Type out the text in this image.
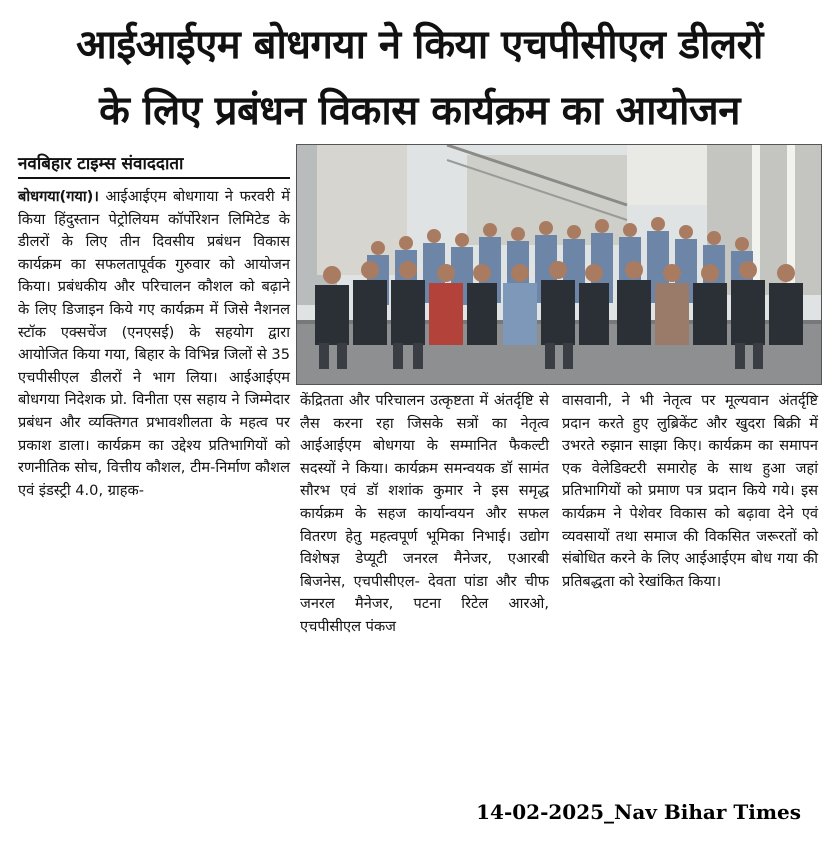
आईआईएम बोधगया ने किया एचपीसीएल डीलरों
के लिए प्रबंधन विकास कार्यक्रम का आयोजन
नवबिहार टाइम्स संवाददाता

बोधगया(गया)। आईआईएम बोधगाया ने फरवरी में किया हिंदुस्तान पेट्रोलियम कॉर्पोरेशन लिमिटेड के डीलरों के लिए तीन दिवसीय प्रबंधन विकास कार्यक्रम का सफलतापूर्वक गुरुवार को आयोजन किया। प्रबंधकीय और परिचालन कौशल को बढ़ाने के लिए डिजाइन किये गए कार्यक्रम में जिसे नैशनल स्टॉक एक्सचेंज (एनएसई) के सहयोग द्वारा आयोजित किया गया, बिहार के विभिन्न जिलों से 35 एचपीसीएल डीलरों ने भाग लिया। आईआईएम बोधगया निदेशक प्रो. विनीता एस सहाय ने जिम्मेदार प्रबंधन और व्यक्तिगत प्रभावशीलता के महत्व पर प्रकाश डाला। कार्यक्रम का उद्देश्य प्रतिभागियों को रणनीतिक सोच, वित्तीय कौशल, टीम-निर्माण कौशल एवं इंडस्ट्री 4.0, ग्राहक-

केंद्रितता और परिचालन उत्कृष्टता में अंतर्दृष्टि से लैस करना रहा जिसके सत्रों का नेतृत्व आईआईएम बोधगया के सम्मानित फैकल्टी सदस्यों ने किया। कार्यक्रम समन्वयक डॉ सामंत सौरभ एवं डॉ शशांक कुमार ने इस समृद्ध कार्यक्रम के सहज कार्यान्वयन और सफल वितरण हेतु महत्वपूर्ण भूमिका निभाई। उद्योग विशेषज्ञ डेप्यूटी जनरल मैनेजर, एआरबी बिजनेस, एचपीसीएल- देवता पांडा और चीफ जनरल मैनेजर, पटना रिटेल आरओ, एचपीसीएल पंकज

वासवानी, ने भी नेतृत्व पर मूल्यवान अंतर्दृष्टि प्रदान करते हुए लुब्रिकेंट और खुदरा बिक्री में उभरते रुझान साझा किए। कार्यक्रम का समापन एक वेलेडिक्टरी समारोह के साथ हुआ जहां प्रतिभागियों को प्रमाण पत्र प्रदान किये गये। इस कार्यक्रम ने पेशेवर विकास को बढ़ावा देने एवं व्यवसायों तथा समाज की विकसित जरूरतों को संबोधित करने के लिए आईआईएम बोध गया की प्रतिबद्धता को रेखांकित किया।

14-02-2025_Nav Bihar Times
